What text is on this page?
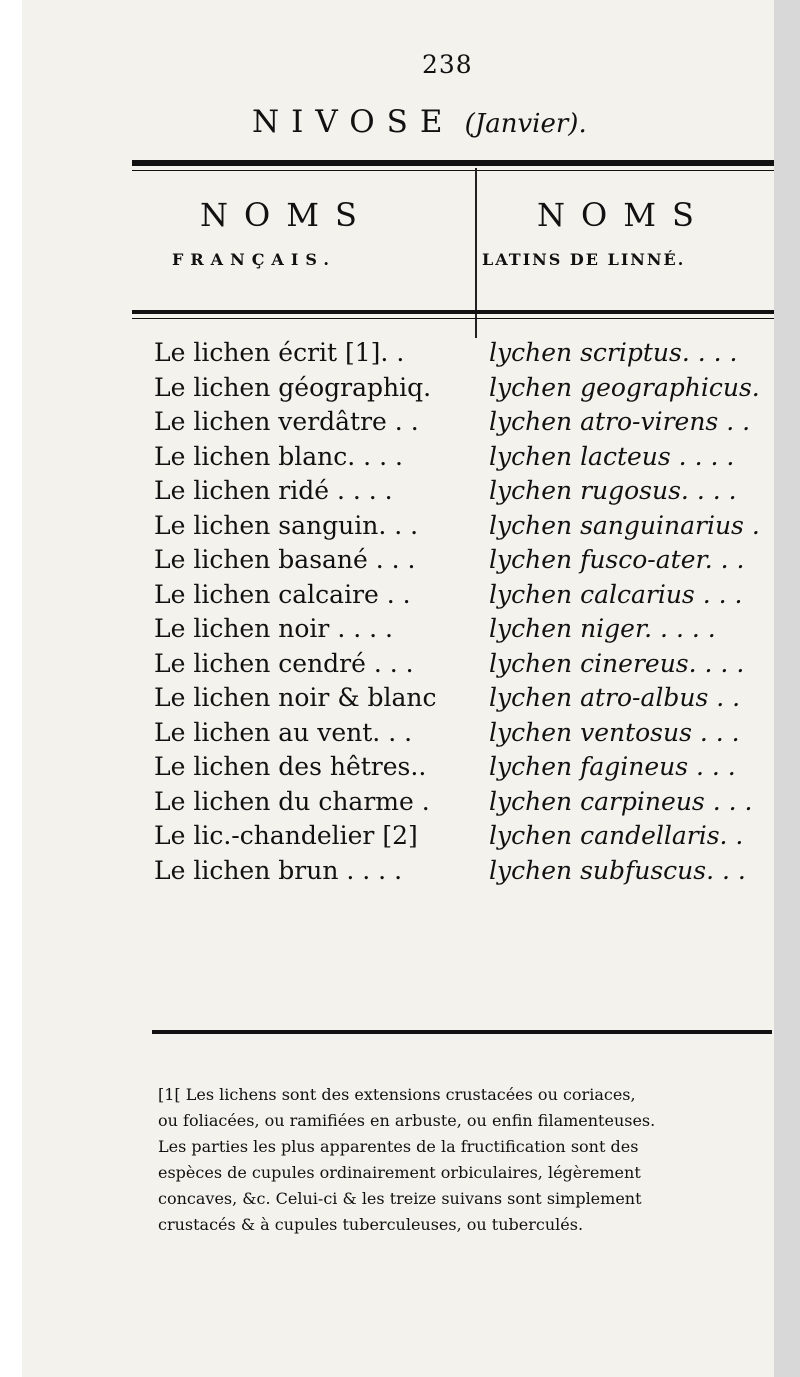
238
NIVOSE (Janvier).
NOMS
FRANÇAIS.
NOMS
LATINS DE LINNÉ.
Le lichen écrit [1]. .	lychen scriptus. . . .
Le lichen géographiq. lychen geographicus.
Le lichen verdâtre . .	lychen atro-virens . .
Le lichen blanc. . . .	lychen lacteus . . . .
Le lichen ridé . . . .	lychen rugosus. . . .
Le lichen sanguin. . .	lychen sanguinarius .
Le lichen basané . . .	lychen fusco-ater. . .
Le lichen calcaire . .	lychen calcarius . . .
Le lichen noir . . . .	lychen niger. . . . .
Le lichen cendré . . .	lychen cinereus. . . .
Le lichen noir & blanc lychen atro-albus . .
Le lichen au vent. . .	lychen ventosus . . .
Le lichen des hêtres..	lychen fagineus . . .
Le lichen du charme . lychen carpineus . . .
Le lic.-chandelier [2]	lychen candellaris. .
Le lichen brun . . . .	lychen subfuscus. . .

[1[ Les lichens sont des extensions crustacées ou coriaces,

ou foliacées, ou ramifiées en arbuste, ou enfin filamenteuses.

Les parties les plus apparentes de la fructification sont des

espèces de cupules ordinairement orbiculaires, légèrement

concaves, &c. Celui-ci & les treize suivans sont simplement

crustacés & à cupules tuberculeuses, ou tuberculés.
